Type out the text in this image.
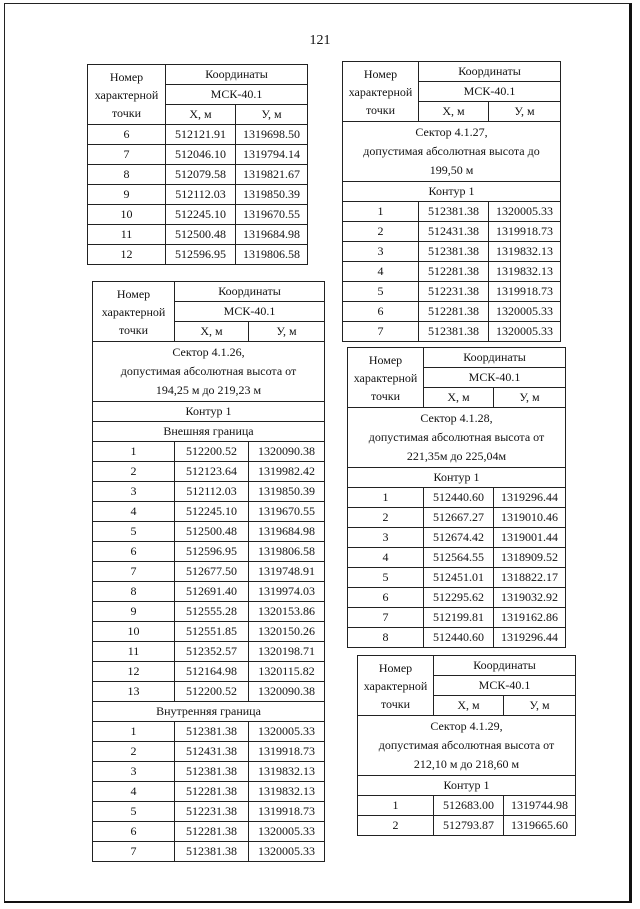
121
Номер
характерной
точки	Координаты	
	МСК-40.1	
	Х, м	У, м
6	512121.91	1319698.50
7	512046.10	1319794.14
8	512079.58	1319821.67
9	512112.03	1319850.39
10	512245.10	1319670.55
11	512500.48	1319684.98
12	512596.95	1319806.58
Номер
характерной
точки	Координаты	
	МСК-40.1	
	Х, м	У, м

Сектор 4.1.26,
допустимая абсолютная высота от
194,25 м до 219,23 м		

Контур 1		
Внешняя граница		
1	512200.52	1320090.38
2	512123.64	1319982.42
3	512112.03	1319850.39
4	512245.10	1319670.55
5	512500.48	1319684.98
6	512596.95	1319806.58
7	512677.50	1319748.91
8	512691.40	1319974.03
9	512555.28	1320153.86
10	512551.85	1320150.26
11	512352.57	1320198.71
12	512164.98	1320115.82
13	512200.52	1320090.38
Внутренняя граница		
1	512381.38	1320005.33
2	512431.38	1319918.73
3	512381.38	1319832.13
4	512281.38	1319832.13
5	512231.38	1319918.73
6	512281.38	1320005.33
7	512381.38	1320005.33
Номер
характерной
точки	Координаты	
	МСК-40.1	
	Х, м	У, м

Сектор 4.1.27,
допустимая абсолютная высота до
199,50 м		

Контур 1		
1	512381.38	1320005.33
2	512431.38	1319918.73
3	512381.38	1319832.13
4	512281.38	1319832.13
5	512231.38	1319918.73
6	512281.38	1320005.33
7	512381.38	1320005.33
Номер
характерной
точки	Координаты	
	МСК-40.1	
	Х, м	У, м

Сектор 4.1.28,
допустимая абсолютная высота от
221,35м до 225,04м		

Контур 1		
1	512440.60	1319296.44
2	512667.27	1319010.46
3	512674.42	1319001.44
4	512564.55	1318909.52
5	512451.01	1318822.17
6	512295.62	1319032.92
7	512199.81	1319162.86
8	512440.60	1319296.44
Номер
характерной
точки	Координаты	
	МСК-40.1	
	Х, м	У, м

Сектор 4.1.29,
допустимая абсолютная высота от
212,10 м до 218,60 м		

Контур 1		
1	512683.00	1319744.98
2	512793.87	1319665.60
